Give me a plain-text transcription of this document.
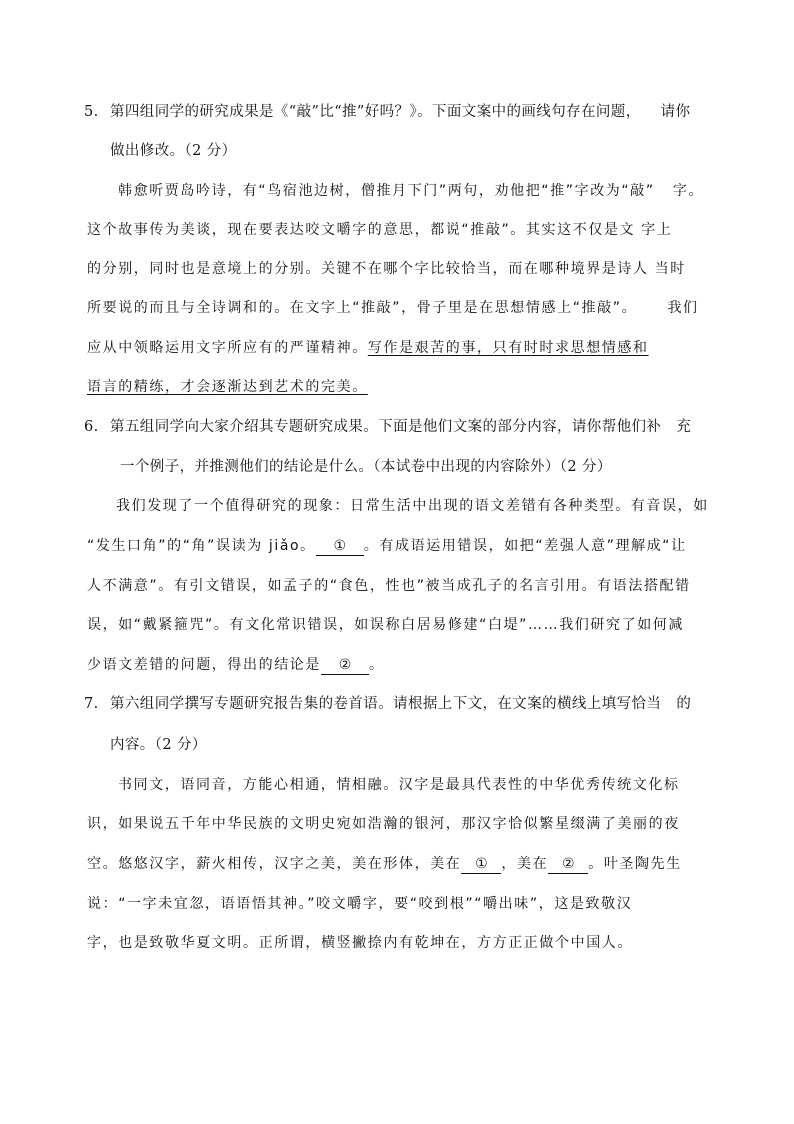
5. 第四组同学的研究成果是《“敲”比“推”好吗？》。下面文案中的画线句存在问题，    请你
做出修改。（2 分）
韩愈听贾岛吟诗，有“鸟宿池边树，僧推月下门”两句，劝他把“推”字改为“敲”   字。
这个故事传为美谈，现在要表达咬文嚼字的意思，都说“推敲”。其实这不仅是文 字上
的分别，同时也是意境上的分别。关键不在哪个字比较恰当，而在哪种境界是诗人 当时
所要说的而且与全诗调和的。在文字上“推敲”，骨子里是在思想情感上“推敲”。     我们
应从中领略运用文字所应有的严谨精神。写作是艰苦的事，只有时时求思想情感和
语言的精练，才会逐渐达到艺术的完美。
6. 第五组同学向大家介绍其专题研究成果。下面是他们文案的部分内容，请你帮他们补   充
一个例子，并推测他们的结论是什么。（本试卷中出现的内容除外）（2 分）
我们发现了一个值得研究的现象：日常生活中出现的语文差错有各种类型。有音误，如
“发生口角”的“角”误读为 jiǎo。 ① 。有成语运用错误，如把“差强人意”理解成“让
人不满意”。有引文错误，如孟子的“食色，性也”被当成孔子的名言引用。有语法搭配错
误，如“戴紧箍咒”。有文化常识错误，如误称白居易修建“白堤”……我们研究了如何减
少语文差错的问题，得出的结论是 ② 。
7. 第六组同学撰写专题研究报告集的卷首语。请根据上下文，在文案的横线上填写恰当   的
内容。（2 分）
书同文，语同音，方能心相通，情相融。汉字是最具代表性的中华优秀传统文化标
识，如果说五千年中华民族的文明史宛如浩瀚的银河，那汉字恰似繁星缀满了美丽的夜
空。悠悠汉字，薪火相传，汉字之美，美在形体，美在 ① ，美在 ② 。叶圣陶先生
说：“一字未宜忽，语语悟其神。”咬文嚼字，要“咬到根”“嚼出味”，这是致敬汉
字，也是致敬华夏文明。正所谓，横竖撇捺内有乾坤在，方方正正做个中国人。
